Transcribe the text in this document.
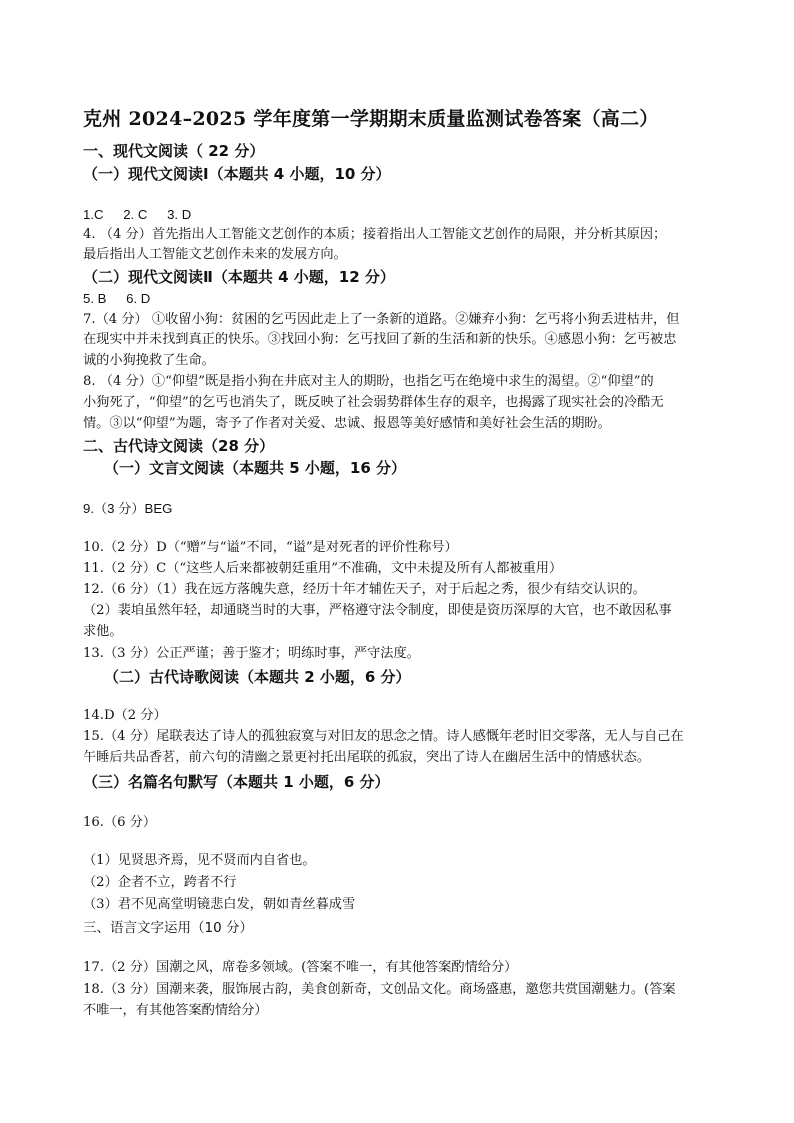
克州 2024–2025 学年度第一学期期末质量监测试卷答案（高二）
一、现代文阅读（ 22 分）
（一）现代文阅读Ⅰ（本题共 4 小题，10 分）
1.C 2. C 3. D
4. （4 分）首先指出人工智能文艺创作的本质；接着指出人工智能文艺创作的局限，并分析其原因；
最后指出人工智能文艺创作未来的发展方向。
（二）现代文阅读Ⅱ（本题共 4 小题，12 分）
5. B 6. D
7.（4 分） ①收留小狗：贫困的乞丐因此走上了一条新的道路。②嫌弃小狗：乞丐将小狗丢进枯井，但
在现实中并未找到真正的快乐。③找回小狗：乞丐找回了新的生活和新的快乐。④感恩小狗：乞丐被忠
诚的小狗挽救了生命。
8. （4 分）①“仰望”既是指小狗在井底对主人的期盼，也指乞丐在绝境中求生的渴望。②“仰望”的
小狗死了，“仰望”的乞丐也消失了，既反映了社会弱势群体生存的艰辛，也揭露了现实社会的冷酷无
情。③以“仰望”为题，寄予了作者对关爱、忠诚、报恩等美好感情和美好社会生活的期盼。
二、古代诗文阅读（28 分）
（一）文言文阅读（本题共 5 小题，16 分）
9.（3 分）BEG
10.（2 分）D（“赠”与“谥”不同，“谥”是对死者的评价性称号）
11.（2 分）C（“这些人后来都被朝廷重用”不准确，文中未提及所有人都被重用）
12.（6 分）（1）我在远方落魄失意，经历十年才辅佐天子，对于后起之秀，很少有结交认识的。
（2）裴垍虽然年轻，却通晓当时的大事，严格遵守法令制度，即使是资历深厚的大官，也不敢因私事
求他。
13.（3 分）公正严谨；善于鉴才；明练时事，严守法度。
（二）古代诗歌阅读（本题共 2 小题，6 分）
14.D（2 分）
15.（4 分）尾联表达了诗人的孤独寂寞与对旧友的思念之情。诗人感慨年老时旧交零落，无人与自己在
午睡后共品香茗，前六句的清幽之景更衬托出尾联的孤寂，突出了诗人在幽居生活中的情感状态。
（三）名篇名句默写（本题共 1 小题，6 分）
16.（6 分）
（1）见贤思齐焉，见不贤而内自省也。
（2）企者不立，跨者不行
（3）君不见高堂明镜悲白发，朝如青丝暮成雪
三、语言文字运用（10 分）
17.（2 分）国潮之风，席卷多领域。(答案不唯一，有其他答案酌情给分）
18.（3 分）国潮来袭，服饰展古韵，美食创新奇，文创品文化。商场盛惠，邀您共赏国潮魅力。(答案
不唯一，有其他答案酌情给分）
